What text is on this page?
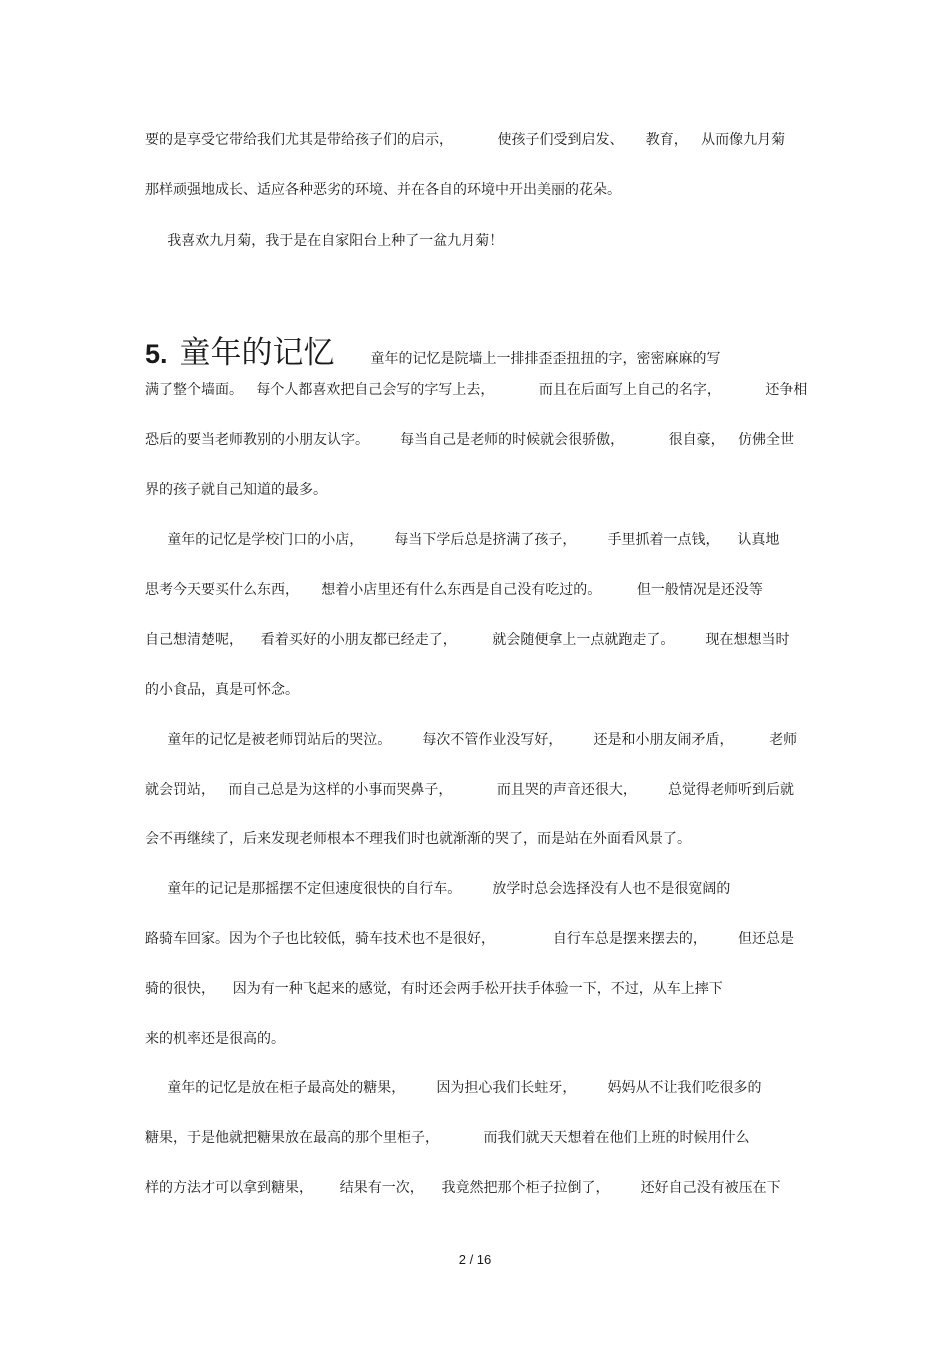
要的是享受它带给我们尤其是带给孩子们的启示，          使孩子们受到启发、     教育，   从而像九月菊
那样顽强地成长、适应各种恶劣的环境、并在各自的环境中开出美丽的花朵。
我喜欢九月菊，我于是在自家阳台上种了一盆九月菊！
5. 童年的记忆	童年的记忆是院墙上一排排歪歪扭扭的字，密密麻麻的写
满了整个墙面。   每个人都喜欢把自己会写的字写上去，          而且在后面写上自己的名字，          还争相
恐后的要当老师教别的小朋友认字。       每当自己是老师的时候就会很骄傲，          很自豪，   仿佛全世
界的孩子就自己知道的最多。
童年的记忆是学校门口的小店，       每当下学后总是挤满了孩子，       手里抓着一点钱，    认真地
思考今天要买什么东西，     想着小店里还有什么东西是自己没有吃过的。        但一般情况是还没等
自己想清楚呢，    看着买好的小朋友都已经走了，        就会随便拿上一点就跑走了。       现在想想当时
的小食品，真是可怀念。
童年的记忆是被老师罚站后的哭泣。       每次不管作业没写好，       还是和小朋友闹矛盾，        老师
就会罚站，   而自己总是为这样的小事而哭鼻子，          而且哭的声音还很大，       总觉得老师听到后就
会不再继续了，后来发现老师根本不理我们时也就渐渐的哭了，而是站在外面看风景了。
童年的记记是那摇摆不定但速度很快的自行车。       放学时总会选择没有人也不是很宽阔的
路骑车回家。因为个子也比较低，骑车技术也不是很好，             自行车总是摆来摆去的，       但还总是
骑的很快，    因为有一种飞起来的感觉，有时还会两手松开扶手体验一下，不过，从车上摔下
来的机率还是很高的。
童年的记忆是放在柜子最高处的糖果，       因为担心我们长蛀牙，       妈妈从不让我们吃很多的
糖果，于是他就把糖果放在最高的那个里柜子，          而我们就天天想着在他们上班的时候用什么
样的方法才可以拿到糖果，      结果有一次，    我竟然把那个柜子拉倒了，       还好自己没有被压在下
2 / 16
